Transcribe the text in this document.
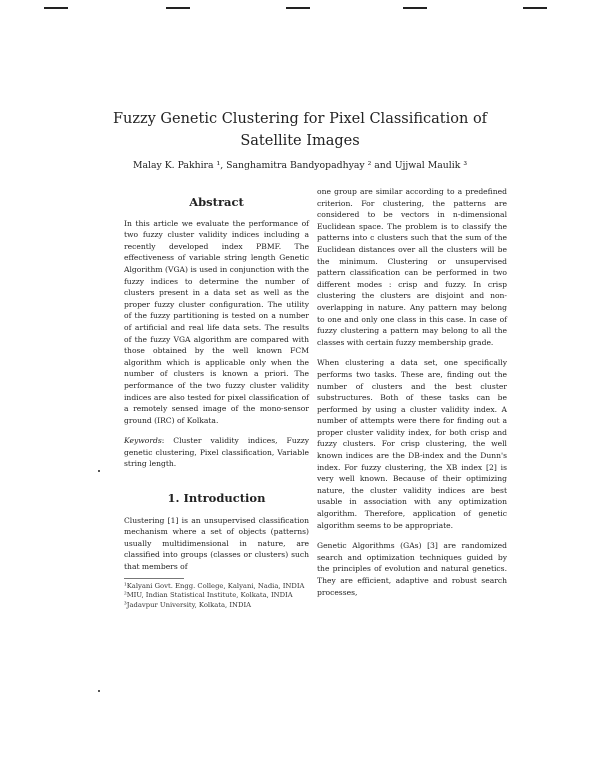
Fuzzy Genetic Clustering for Pixel Classification of Satellite Images
Malay K. Pakhira ¹, Sanghamitra Bandyopadhyay ² and Ujjwal Maulik ³
Abstract

In this article we evaluate the performance of two fuzzy cluster validity indices including a recently developed index PBMF. The effectiveness of variable string length Genetic Algorithm (VGA) is used in conjunction with the fuzzy indices to determine the number of clusters present in a data set as well as the proper fuzzy cluster configuration. The utility of the fuzzy partitioning is tested on a number of artificial and real life data sets. The results of the fuzzy VGA algorithm are compared with those obtained by the well known FCM algorithm which is applicable only when the number of clusters is known a priori. The performance of the two fuzzy cluster validity indices are also tested for pixel classification of a remotely sensed image of the mono-sensor ground (IRC) of Kolkata.

Keywords: Cluster validity indices, Fuzzy genetic clustering, Pixel classification, Variable string length.

1. Introduction

Clustering [1] is an unsupervised classification mechanism where a set of objects (patterns) usually multidimensional in nature, are classified into groups (classes or clusters) such that members of

¹Kalyani Govt. Engg. College, Kalyani, Nadia, INDIA
²MIU, Indian Statistical Institute, Kolkata, INDIA
³Jadavpur University, Kolkata, INDIA

one group are similar according to a predefined criterion. For clustering, the patterns are considered to be vectors in n-dimensional Euclidean space. The problem is to classify the patterns into c clusters such that the sum of the Euclidean distances over all the clusters will be the minimum. Clustering or unsupervised pattern classification can be performed in two different modes : crisp and fuzzy. In crisp clustering the clusters are disjoint and non-overlapping in nature. Any pattern may belong to one and only one class in this case. In case of fuzzy clustering a pattern may belong to all the classes with certain fuzzy membership grade.

When clustering a data set, one specifically performs two tasks. These are, finding out the number of clusters and the best cluster substructures. Both of these tasks can be performed by using a cluster validity index. A number of attempts were there for finding out a proper cluster validity index, for both crisp and fuzzy clusters. For crisp clustering, the well known indices are the DB-index and the Dunn's index. For fuzzy clustering, the XB index [2] is very well known. Because of their optimizing nature, the cluster validity indices are best usable in association with any optimization algorithm. Therefore, application of genetic algorithm seems to be appropriate.

Genetic Algorithms (GAs) [3] are randomized search and optimization techniques guided by the principles of evolution and natural genetics. They are efficient, adaptive and robust search processes,
